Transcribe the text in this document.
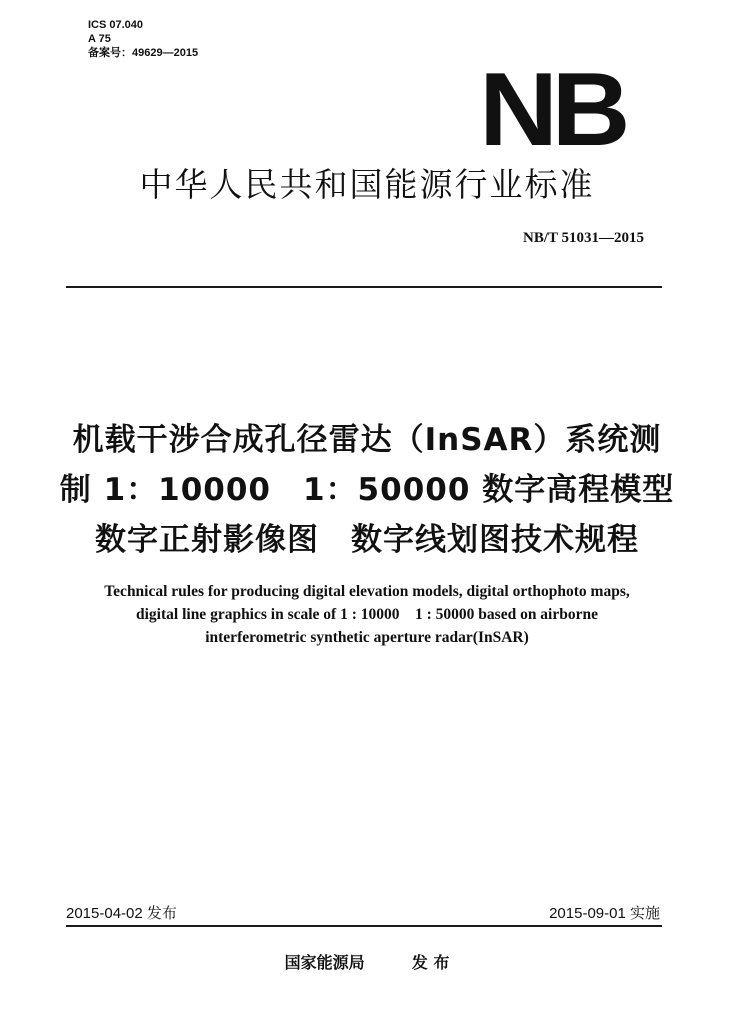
ICS 07.040
A 75
备案号：49629—2015	NB
中华人民共和国能源行业标准
NB/T 51031—2015
机载干涉合成孔径雷达（InSAR）系统测
制 1：10000　1：50000 数字高程模型
数字正射影像图　数字线划图技术规程
Technical rules for producing digital elevation models, digital orthophoto maps,
digital line graphics in scale of 1 : 10000　1 : 50000 based on airborne
interferometric synthetic aperture radar(InSAR)
2015-04-02 发布	2015-09-01 实施
国家能源局	发 布
